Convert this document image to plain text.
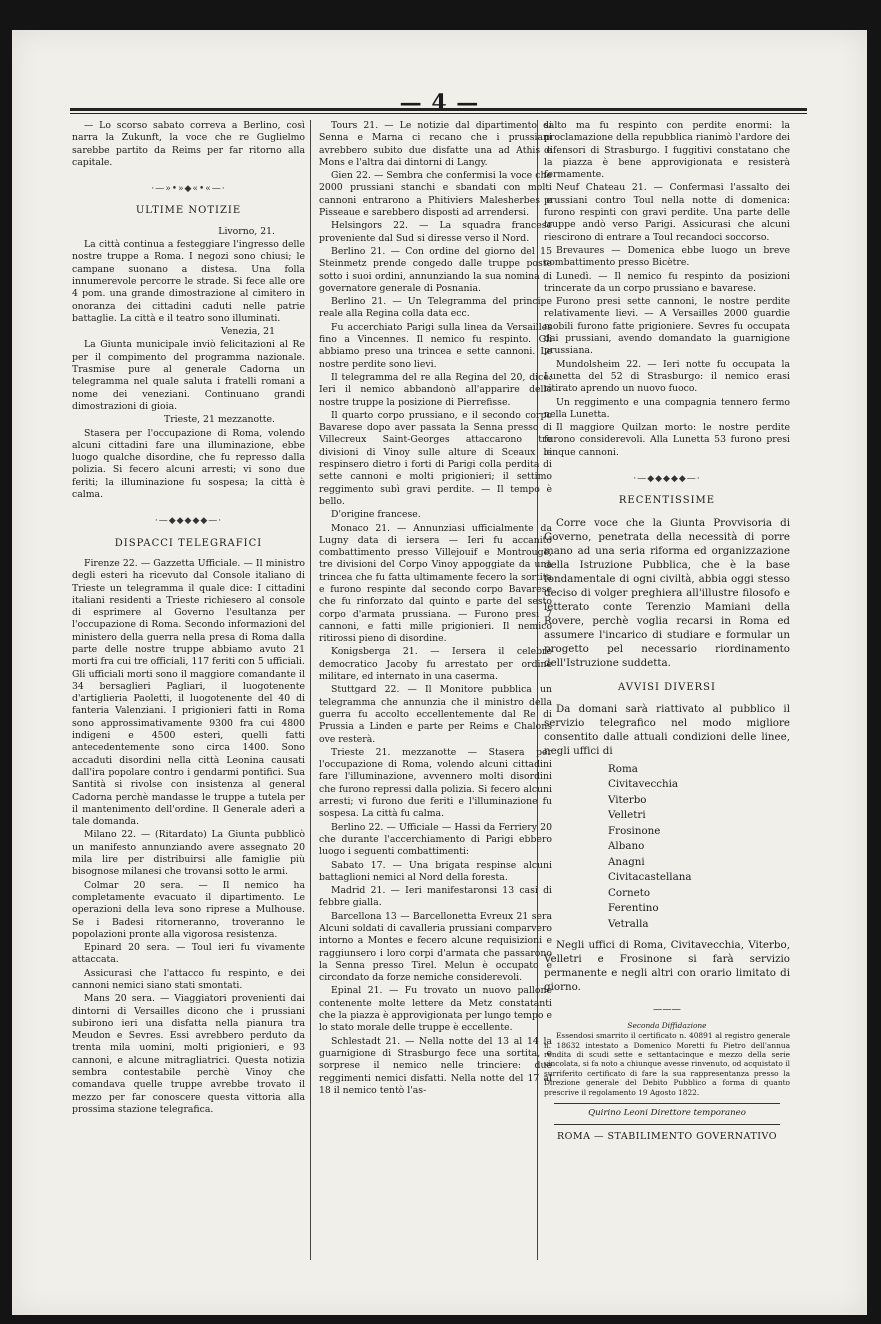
— 4 —

— Lo scorso sabato correva a Berlino, così narra la Zukunft, la voce che re Guglielmo sarebbe partito da Reims per far ritorno alla capitale.

·—»•»◆«•«—·
ULTIME NOTIZIE

Livorno, 21.

La città continua a festeggiare l'ingresso delle nostre truppe a Roma. I negozi sono chiusi; le campane suonano a distesa. Una folla innumerevole percorre le strade. Si fece alle ore 4 pom. una grande dimostrazione al cimitero in onoranza dei cittadini caduti nelle patrie battaglie. La città e il teatro sono illuminati.

Venezia, 21

La Giunta municipale inviò felicitazioni al Re per il compimento del programma nazionale. Trasmise pure al generale Cadorna un telegramma nel quale saluta i fratelli romani a nome dei veneziani. Continuano grandi dimostrazioni di gioia.

Trieste, 21 mezzanotte.

Stasera per l'occupazione di Roma, volendo alcuni cittadini fare una illuminazione, ebbe luogo qualche disordine, che fu represso dalla polizia. Si fecero alcuni arresti; vi sono due feriti; la illuminazione fu sospesa; la città è calma.

·—◆◆◆◆◆—·
DISPACCI TELEGRAFICI

Firenze 22. — Gazzetta Ufficiale. — Il ministro degli esteri ha ricevuto dal Console italiano di Trieste un telegramma il quale dice: I cittadini italiani residenti a Trieste richiesero al console di esprimere al Governo l'esultanza per l'occupazione di Roma. Secondo informazioni del ministero della guerra nella presa di Roma dalla parte delle nostre truppe abbiamo avuto 21 morti fra cui tre officiali, 117 feriti con 5 ufficiali. Gli ufficiali morti sono il maggiore comandante il 34 bersaglieri Pagliari, il luogotenente d'artiglieria Paoletti, il luogotenente del 40 di fanteria Valenziani. I prigionieri fatti in Roma sono approssimativamente 9300 fra cui 4800 indigeni e 4500 esteri, quelli fatti antecedentemente sono circa 1400. Sono accaduti disordini nella città Leonina causati dall'ira popolare contro i gendarmi pontifici. Sua Santità si rivolse con insistenza al general Cadorna perchè mandasse le truppe a tutela per il mantenimento dell'ordine. Il Generale aderì a tale domanda.

Milano 22. — (Ritardato) La Giunta pubblicò un manifesto annunziando avere assegnato 20 mila lire per distribuirsi alle famiglie più bisognose milanesi che trovansi sotto le armi.

Colmar 20 sera. — Il nemico ha completamente evacuato il dipartimento. Le operazioni della leva sono riprese a Mulhouse. Se i Badesi ritorneranno, troveranno le popolazioni pronte alla vigorosa resistenza.

Epinard 20 sera. — Toul ieri fu vivamente attaccata.

Assicurasi che l'attacco fu respinto, e dei cannoni nemici siano stati smontati.

Mans 20 sera. — Viaggiatori provenienti dai dintorni di Versailles dicono che i prussiani subirono ieri una disfatta nella pianura tra Meudon e Sevres. Essi avrebbero perduto da trenta mila uomini, molti prigionieri, e 93 cannoni, e alcune mitragliatrici. Questa notizia sembra contestabile perchè Vinoy che comandava quelle truppe avrebbe trovato il mezzo per far conoscere questa vittoria alla prossima stazione telegrafica.

Tours 21. — Le notizie dal dipartimento di Senna e Marna ci recano che i prussiani avrebbero subito due disfatte una ad Athis e Mons e l'altra dai dintorni di Langy.

Gien 22. — Sembra che confermisi la voce che 2000 prussiani stanchi e sbandati con molti cannoni entrarono a Phitiviers Malesherbes e Pisseaue e sarebbero disposti ad arrendersi.

Helsingors 22. — La squadra francese proveniente dal Sud si diresse verso il Nord.

Berlino 21. — Con ordine del giorno del 15 Steinmetz prende congedo dalle truppe poste sotto i suoi ordini, annunziando la sua nomina di governatore generale di Posnania.

Berlino 21. — Un Telegramma del principe reale alla Regina colla data ecc.

Fu accerchiato Parigi sulla linea da Versailles fino a Vincennes. Il nemico fu respinto. Gli abbiamo preso una trincea e sette cannoni. Le nostre perdite sono lievi.

Il telegramma del re alla Regina del 20, dice: Ieri il nemico abbandonò all'apparire delle nostre truppe la posizione di Pierrefisse.

Il quarto corpo prussiano, e il secondo corpo Bavarese dopo aver passata la Senna presso di Villecreux Saint-Georges attaccarono tre divisioni di Vinoy sulle alture di Sceaux le respinsero dietro i forti di Parigi colla perdita di sette cannoni e molti prigionieri; il settimo reggimento subì gravi perdite. — Il tempo è bello.

D'origine francese.

Monaco 21. — Annunziasi ufficialmente da Lugny data di iersera — Ieri fu accanito combattimento presso Villejouif e Montrouge, tre divisioni del Corpo Vinoy appoggiate da una trincea che fu fatta ultimamente fecero la sortita e furono respinte dal secondo corpo Bavarese che fu rinforzato dal quinto e parte del sesto corpo d'armata prussiana. — Furono presi 7 cannoni, e fatti mille prigionieri. Il nemico ritirossi pieno di disordine.

Konigsberga 21. — Iersera il celebre democratico Jacoby fu arrestato per ordine militare, ed internato in una caserma.

Stuttgard 22. — Il Monitore pubblica un telegramma che annunzia che il ministro della guerra fu accolto eccellentemente dal Re di Prussia a Linden e parte per Reims e Chalons ove resterà.

Trieste 21. mezzanotte — Stasera per l'occupazione di Roma, volendo alcuni cittadini fare l'illuminazione, avvennero molti disordini che furono repressi dalla polizia. Si fecero alcuni arresti; vi furono due feriti e l'illuminazione fu sospesa. La città fu calma.

Berlino 22. — Ufficiale — Hassi da Ferriery 20 che durante l'accerchiamento di Parigi ebbero luogo i seguenti combattimenti:

Sabato 17. — Una brigata respinse alcuni battaglioni nemici al Nord della foresta.

Madrid 21. — Ieri manifestaronsi 13 casi di febbre gialla.

Barcellona 13 — Barcellonetta Evreux 21 sera Alcuni soldati di cavalleria prussiani comparvero intorno a Montes e fecero alcune requisizioni e raggiunsero i loro corpi d'armata che passarono la Senna presso Tirel. Melun è occupato e circondato da forze nemiche considerevoli.

Epinal 21. — Fu trovato un nuovo pallone contenente molte lettere da Metz constatanti che la piazza è approvigionata per lungo tempo e lo stato morale delle truppe è eccellente.

Schlestadt 21. — Nella notte del 13 al 14 la guarnigione di Strasburgo fece una sortita, e sorprese il nemico nelle trinciere: due reggimenti nemici disfatti. Nella notte del 17 al 18 il nemico tentò l'as-

salto ma fu respinto con perdite enormi: la proclamazione della repubblica rianimò l'ardore dei difensori di Strasburgo. I fuggitivi constatano che la piazza è bene approvigionata e resisterà fermamente.

Neuf Chateau 21. — Confermasi l'assalto dei prussiani contro Toul nella notte di domenica: furono respinti con gravi perdite. Una parte delle truppe andò verso Parigi. Assicurasi che alcuni riescirono di entrare a Toul recandoci soccorso.

Brevaures — Domenica ebbe luogo un breve combattimento presso Bicètre.

Lunedì. — Il nemico fu respinto da posizioni trincerate da un corpo prussiano e bavarese.

Furono presi sette cannoni, le nostre perdite relativamente lievi. — A Versailles 2000 guardie mobili furono fatte prigioniere. Sevres fu occupata dai prussiani, avendo domandato la guarnigione prussiana.

Mundolsheim 22. — Ieri notte fu occupata la Lunetta del 52 di Strasburgo: il nemico erasi ritirato aprendo un nuovo fuoco.

Un reggimento e una compagnia tennero fermo nella Lunetta.

Il maggiore Quilzan morto: le nostre perdite furono considerevoli. Alla Lunetta 53 furono presi cinque cannoni.

·—◆◆◆◆◆—·
RECENTISSIME

Corre voce che la Giunta Provvisoria di Governo, penetrata della necessità di porre mano ad una seria riforma ed organizzazione della Istruzione Pubblica, che è la base fondamentale di ogni civiltà, abbia oggi stesso deciso di volger preghiera all'illustre filosofo e letterato conte Terenzio Mamiani della Rovere, perchè voglia recarsi in Roma ed assumere l'incarico di studiare e formular un progetto pel necessario riordinamento dell'Istruzione suddetta.

AVVISI DIVERSI

Da domani sarà riattivato al pubblico il servizio telegrafico nel modo migliore consentito dalle attuali condizioni delle linee, negli uffici di

Roma
Civitavecchia
Viterbo
Velletri
Frosinone
Albano
Anagni
Civitacastellana
Corneto
Ferentino
Vetralla

Negli uffici di Roma, Civitavecchia, Viterbo, Velletri e Frosinone si farà servizio permanente e negli altri con orario limitato di giorno.

———

Seconda Diffidazione

Essendosi smarrito il certificato n. 40891 al registro generale n. 18632 intestato a Domenico Moretti fu Pietro dell'annua rendita di scudi sette e settantacinque e mezzo della serie vincolata, si fa noto a chiunque avesse rinvenuto, od acquistato il surriferito certificato di fare la sua rappresentanza presso la Direzione generale del Debito Pubblico a forma di quanto prescrive il regolamento 19 Agosto 1822.

Quirino Leoni Direttore temporaneo

ROMA — STABILIMENTO GOVERNATIVO
